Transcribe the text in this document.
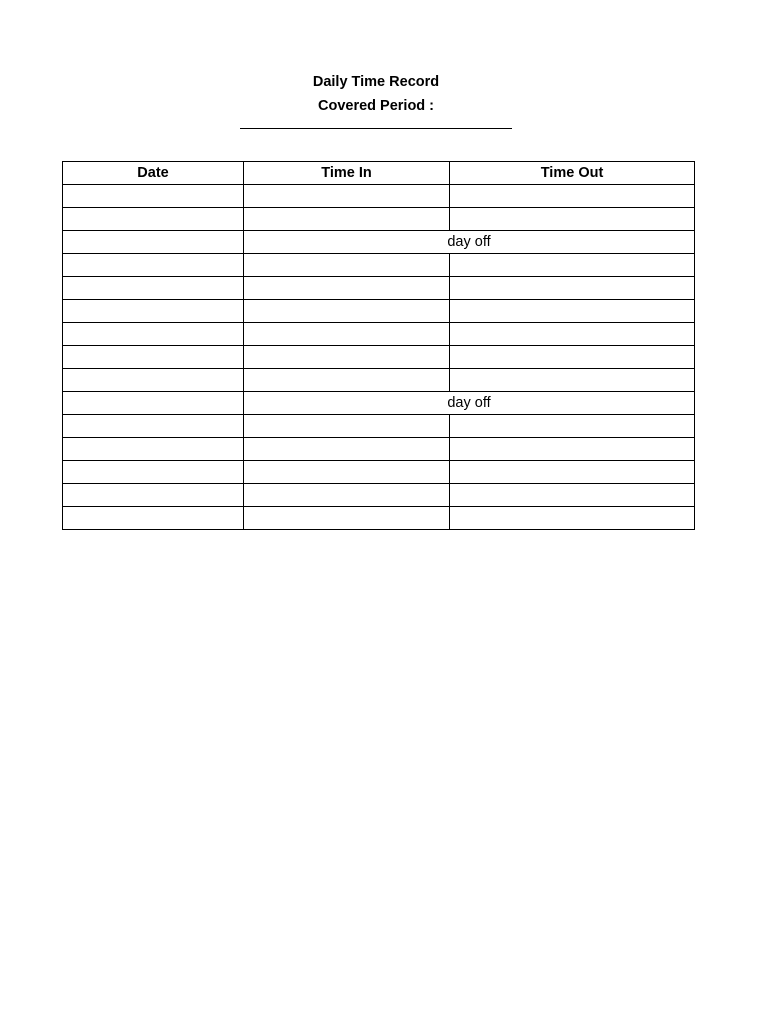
Daily Time Record
Covered Period :
Date	Time In	Time Out

	day off	

	day off	
